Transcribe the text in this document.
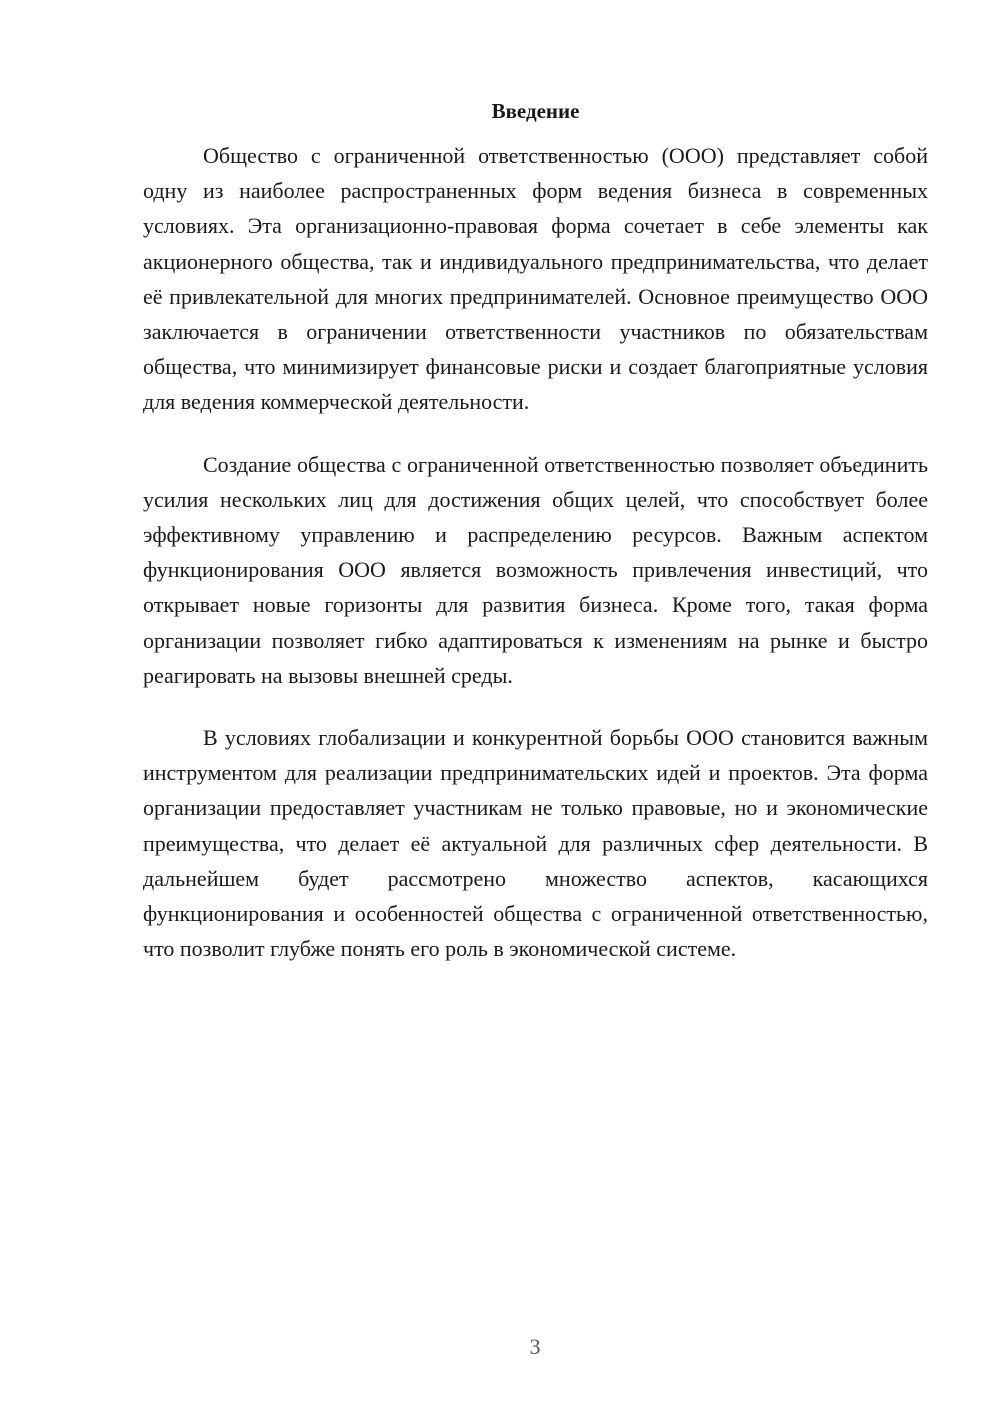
Введение

Общество с ограниченной ответственностью (ООО) представляет собой одну из наиболее распространенных форм ведения бизнеса в современных условиях. Эта организационно-правовая форма сочетает в себе элементы как акционерного общества, так и индивидуального предпринимательства, что делает её привлекательной для многих предпринимателей. Основное преимущество ООО заключается в ограничении ответственности участников по обязательствам общества, что минимизирует финансовые риски и создает благоприятные условия для ведения коммерческой деятельности.

Создание общества с ограниченной ответственностью позволяет объединить усилия нескольких лиц для достижения общих целей, что способствует более эффективному управлению и распределению ресурсов. Важным аспектом функционирования ООО является возможность привлечения инвестиций, что открывает новые горизонты для развития бизнеса. Кроме того, такая форма организации позволяет гибко адаптироваться к изменениям на рынке и быстро реагировать на вызовы внешней среды.

В условиях глобализации и конкурентной борьбы ООО становится важным инструментом для реализации предпринимательских идей и проектов. Эта форма организации предоставляет участникам не только правовые, но и экономические преимущества, что делает её актуальной для различных сфер деятельности. В дальнейшем будет рассмотрено множество аспектов, касающихся функционирования и особенностей общества с ограниченной ответственностью, что позволит глубже понять его роль в экономической системе.

3
